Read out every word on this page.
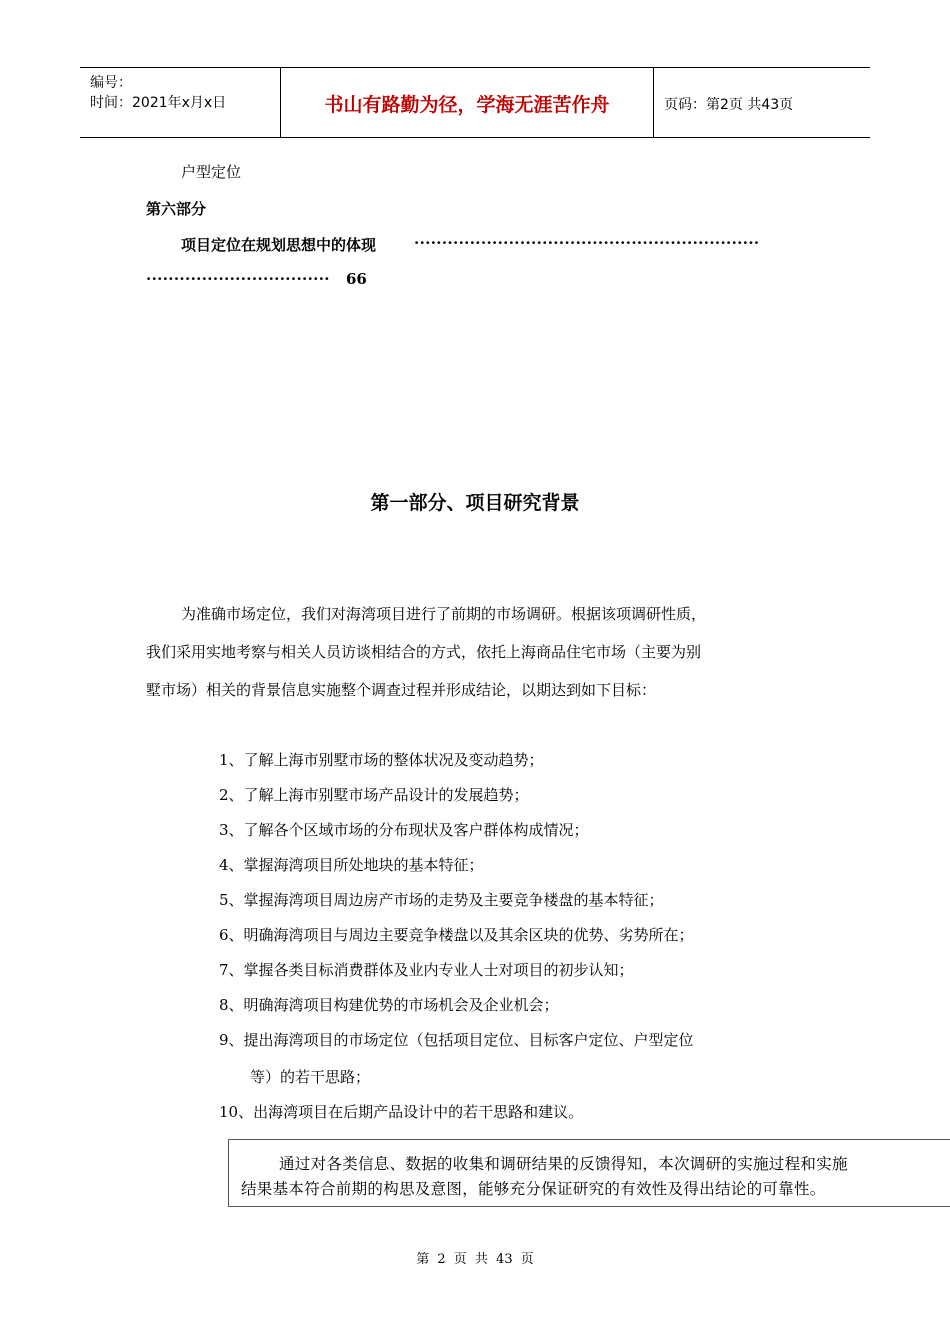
编号：
时间：2021年x月x日	书山有路勤为径，学海无涯苦作舟	页码：第2页 共43页
户型定位
第六部分
项目定位在规划思想中的体现	······························································
································· 66
第一部分、项目研究背景
为准确市场定位，我们对海湾项目进行了前期的市场调研。根据该项调研性质，
我们采用实地考察与相关人员访谈相结合的方式，依托上海商品住宅市场（主要为别
墅市场）相关的背景信息实施整个调查过程并形成结论，以期达到如下目标：
1、了解上海市别墅市场的整体状况及变动趋势；
2、了解上海市别墅市场产品设计的发展趋势；
3、了解各个区域市场的分布现状及客户群体构成情况；
4、掌握海湾项目所处地块的基本特征；
5、掌握海湾项目周边房产市场的走势及主要竞争楼盘的基本特征；
6、明确海湾项目与周边主要竞争楼盘以及其余区块的优势、劣势所在；
7、掌握各类目标消费群体及业内专业人士对项目的初步认知；
8、明确海湾项目构建优势的市场机会及企业机会；
9、提出海湾项目的市场定位（包括项目定位、目标客户定位、户型定位
等）的若干思路；
10、出海湾项目在后期产品设计中的若干思路和建议。
通过对各类信息、数据的收集和调研结果的反馈得知，本次调研的实施过程和实施
结果基本符合前期的构思及意图，能够充分保证研究的有效性及得出结论的可靠性。
第 2 页 共 43 页
